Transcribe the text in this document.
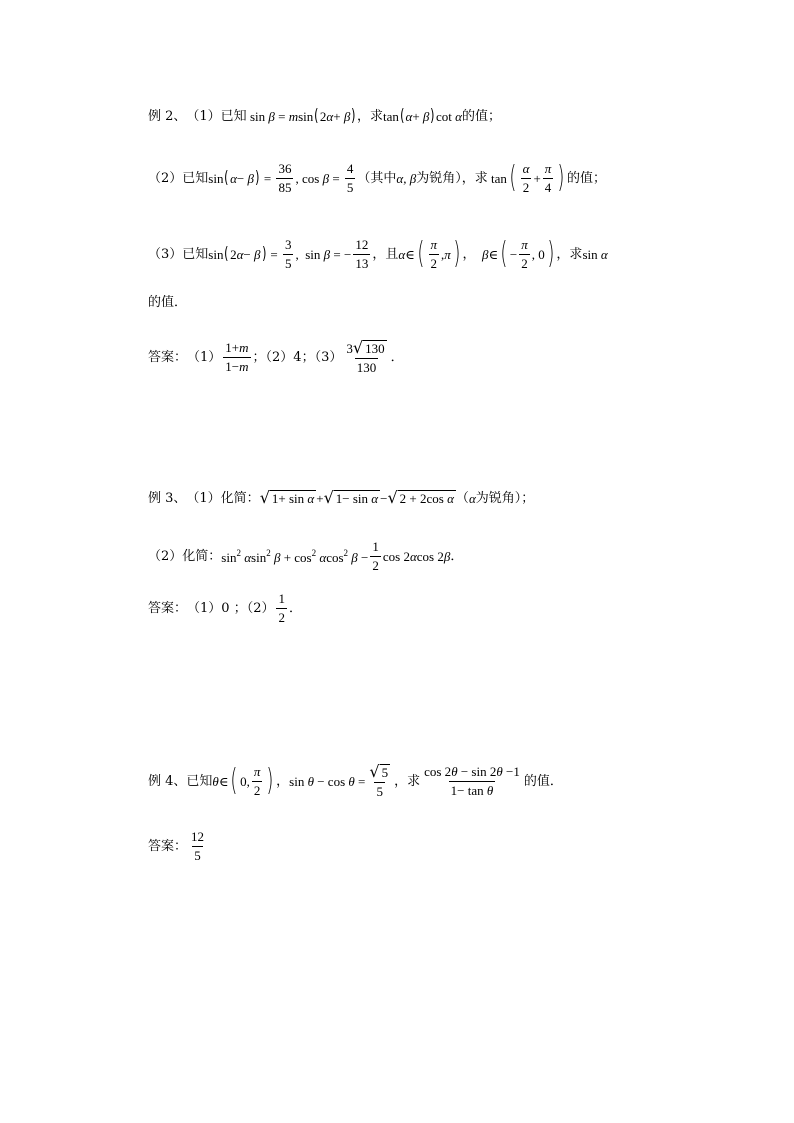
例 2、 （1）已知 sin β = msin(2α+ β) ，求 tan(α+ β)cot α 的值；
（2）已知 $\sin(\alpha- \beta) = \frac{36}{85}$ , $\cos \beta = \frac{4}{5}$ （其中 α, β 为锐角），求 tan ( $\frac{\alpha}{2} + \frac{\pi}{4}$ ) 的值；
（3）已知 $\sin(2\alpha- \beta) = \frac{3}{5}$ ,  sin β = − $\frac{12}{13}$ ，且 α∈ ( $\frac{\pi}{2} ,\pi$ ) ， β∈ ( − $\frac{\pi}{2}$ , 0 ) ，求 sin α
的值．
答案： $(1) \frac{1+m}{1-m}$ ；（2）4；$(3) \frac{3 √ 130}{130}$ ．
例 3、 （1）化简： √ 1+ sin α + √ 1− sin α − √ 2 + 2cos α （ α 为锐角）；
（2）化简： $\sin^2 \alpha\sin^2$ $\beta + \cos^2 \alpha\cos^2$ $\beta - \frac{1}{2}$ cos 2αcos 2β ．
答案： （1）0 ；$(2) \frac{1}{2}$ ．
例 4、 已知 θ∈ ( 0, $\frac{\pi}{2}$ ) ， $\sin \theta - \cos \theta = \frac{√ 5}{5}$ ，求 $\frac{\cos 2\theta - \sin 2\theta -1}{\text{1− tan θ}}$ 的值．
答案： $\frac{12}{5}$
